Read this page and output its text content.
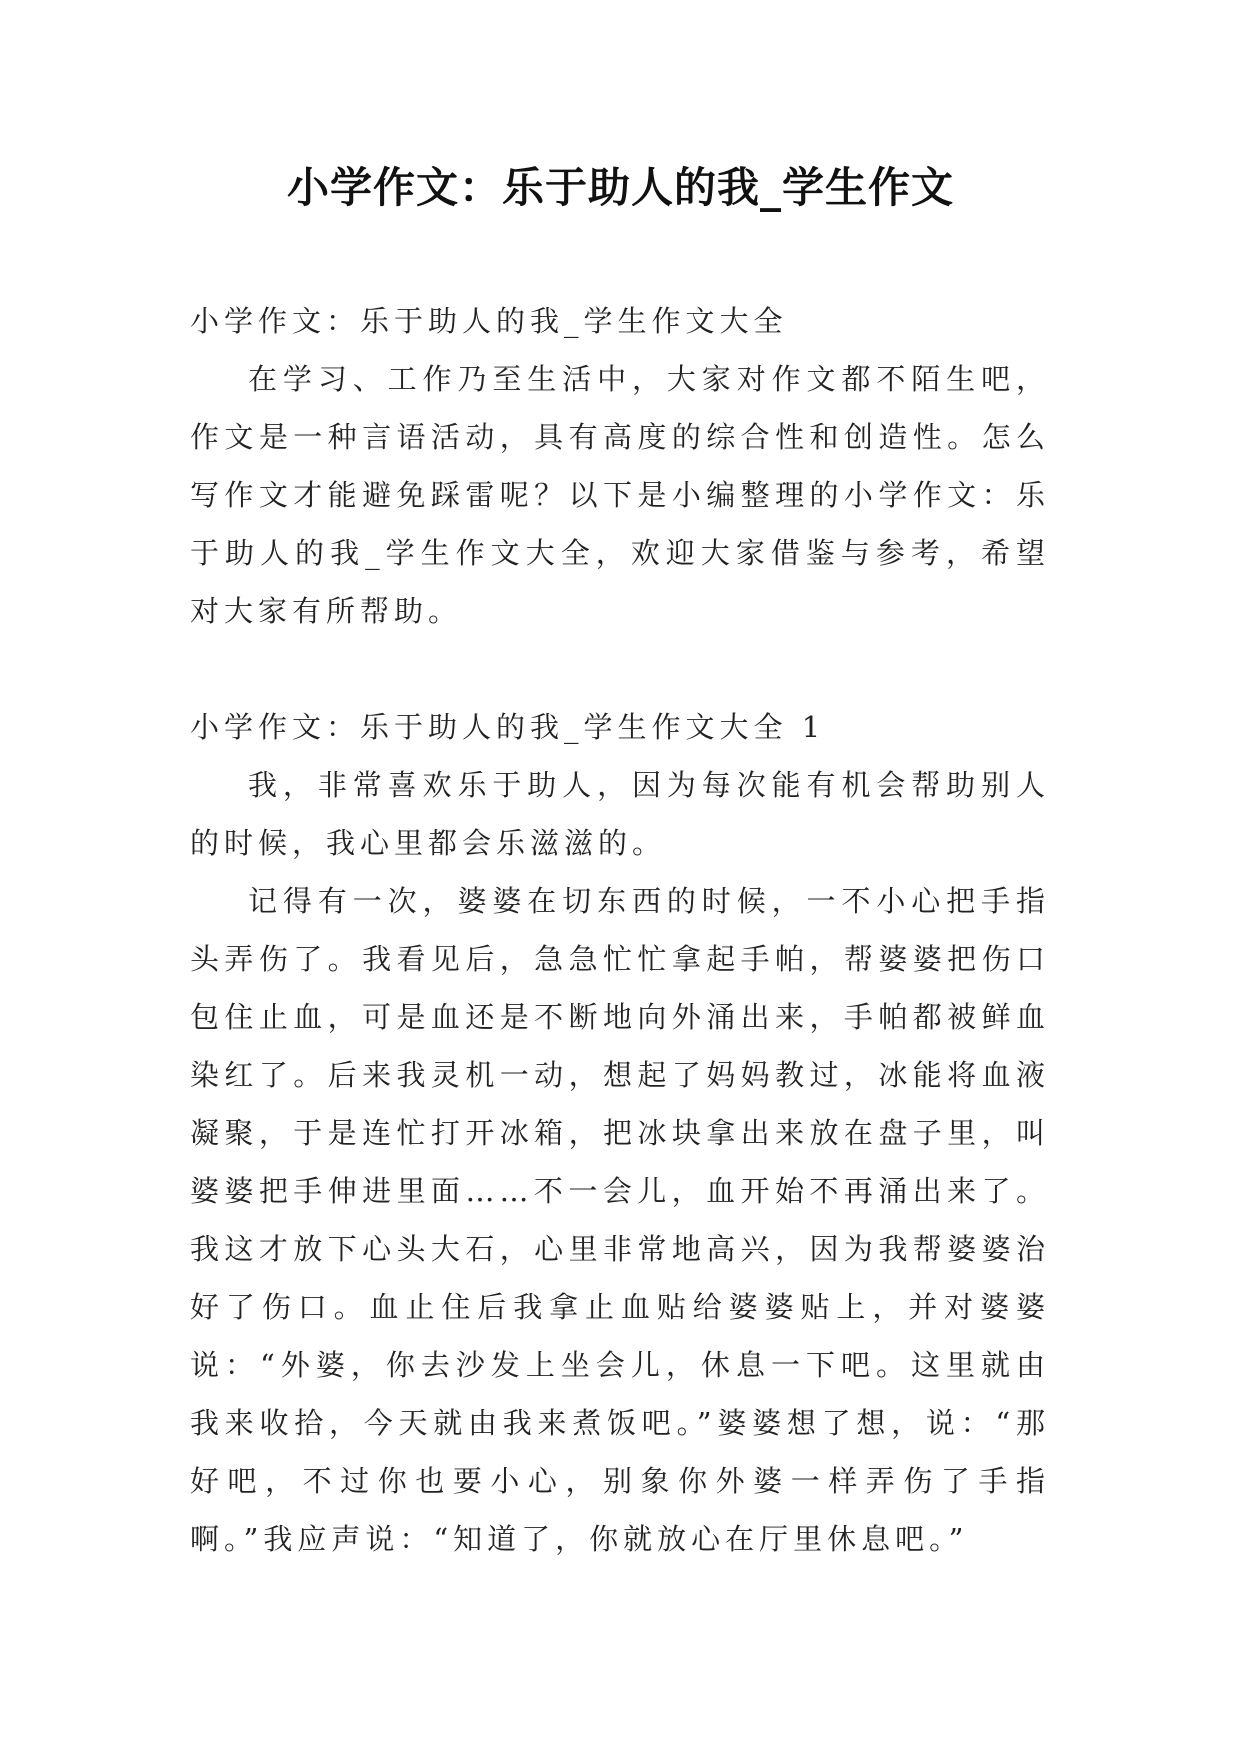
小学作文：乐于助人的我_学生作文

小学作文：乐于助人的我_学生作文大全

在学习、工作乃至生活中，大家对作文都不陌生吧，作文是一种言语活动，具有高度的综合性和创造性。怎么写作文才能避免踩雷呢？以下是小编整理的小学作文：乐于助人的我_学生作文大全，欢迎大家借鉴与参考，希望对大家有所帮助。

小学作文：乐于助人的我_学生作文大全 1

我，非常喜欢乐于助人，因为每次能有机会帮助别人的时候，我心里都会乐滋滋的。

记得有一次，婆婆在切东西的时候，一不小心把手指头弄伤了。我看见后，急急忙忙拿起手帕，帮婆婆把伤口包住止血，可是血还是不断地向外涌出来，手帕都被鲜血染红了。后来我灵机一动，想起了妈妈教过，冰能将血液凝聚，于是连忙打开冰箱，把冰块拿出来放在盘子里，叫婆婆把手伸进里面……不一会儿，血开始不再涌出来了。我这才放下心头大石，心里非常地高兴，因为我帮婆婆治好了伤口。血止住后我拿止血贴给婆婆贴上，并对婆婆说：“外婆，你去沙发上坐会儿，休息一下吧。这里就由我来收拾，今天就由我来煮饭吧。”婆婆想了想，说：“那好吧，不过你也要小心，别象你外婆一样弄伤了手指啊。”我应声说：“知道了，你就放心在厅里休息吧。”
